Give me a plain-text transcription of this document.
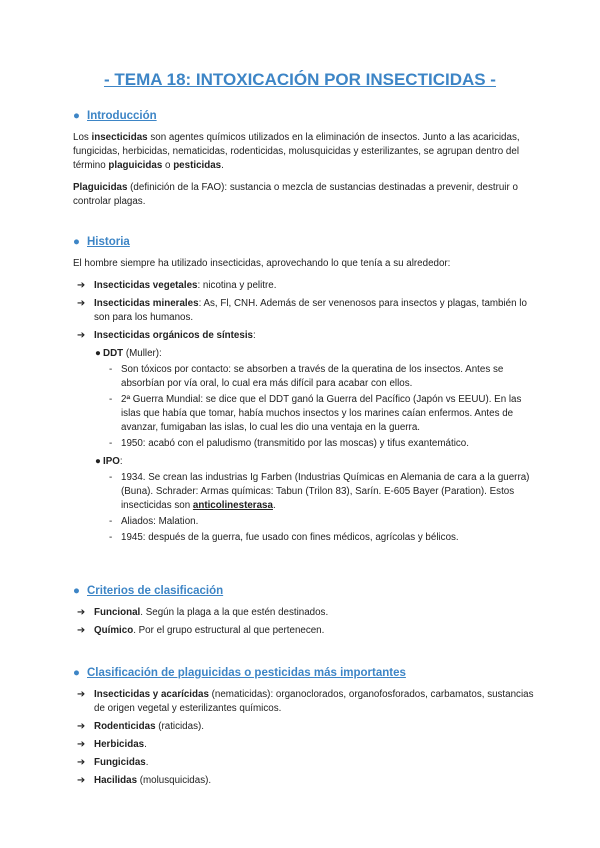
- TEMA 18: INTOXICACIÓN POR INSECTICIDAS -
● Introducción

Los insecticidas son agentes químicos utilizados en la eliminación de insectos. Junto a las acaricidas, fungicidas, herbicidas, nematicidas, rodenticidas, molusquicidas y esterilizantes, se agrupan dentro del término plaguicidas o pesticidas.

Plaguicidas (definición de la FAO): sustancia o mezcla de sustancias destinadas a prevenir, destruir o controlar plagas.

● Historia

El hombre siempre ha utilizado insecticidas, aprovechando lo que tenía a su alrededor:

➔ Insecticidas vegetales: nicotina y pelitre.
➔ Insecticidas minerales: As, Fl, CNH. Además de ser venenosos para insectos y plagas, también lo son para los humanos.
➔ Insecticidas orgánicos de síntesis:
● DDT (Muller):
- Son tóxicos por contacto: se absorben a través de la queratina de los insectos. Antes se absorbían por vía oral, lo cual era más difícil para acabar con ellos.
- 2ª Guerra Mundial: se dice que el DDT ganó la Guerra del Pacífico (Japón vs EEUU). En las islas que había que tomar, había muchos insectos y los marines caían enfermos. Antes de avanzar, fumigaban las islas, lo cual les dio una ventaja en la guerra.
- 1950: acabó con el paludismo (transmitido por las moscas) y tifus exantemático.
● IPO:
- 1934. Se crean las industrias Ig Farben (Industrias Químicas en Alemania de cara a la guerra) (Buna). Schrader: Armas químicas: Tabun (Trilon 83), Sarín. E-605 Bayer (Paration). Estos insecticidas son anticolinesterasa.
- Aliados: Malation.
- 1945: después de la guerra, fue usado con fines médicos, agrícolas y bélicos.
● Criterios de clasificación
➔ Funcional. Según la plaga a la que estén destinados.
➔ Químico. Por el grupo estructural al que pertenecen.
● Clasificación de plaguicidas o pesticidas más importantes
➔ Insecticidas y acarícidas (nematicidas): organoclorados, organofosforados, carbamatos, sustancias de origen vegetal y esterilizantes químicos.
➔ Rodenticidas (raticidas).
➔ Herbicidas.
➔ Fungicidas.
➔ Hacilidas (molusquicidas).
